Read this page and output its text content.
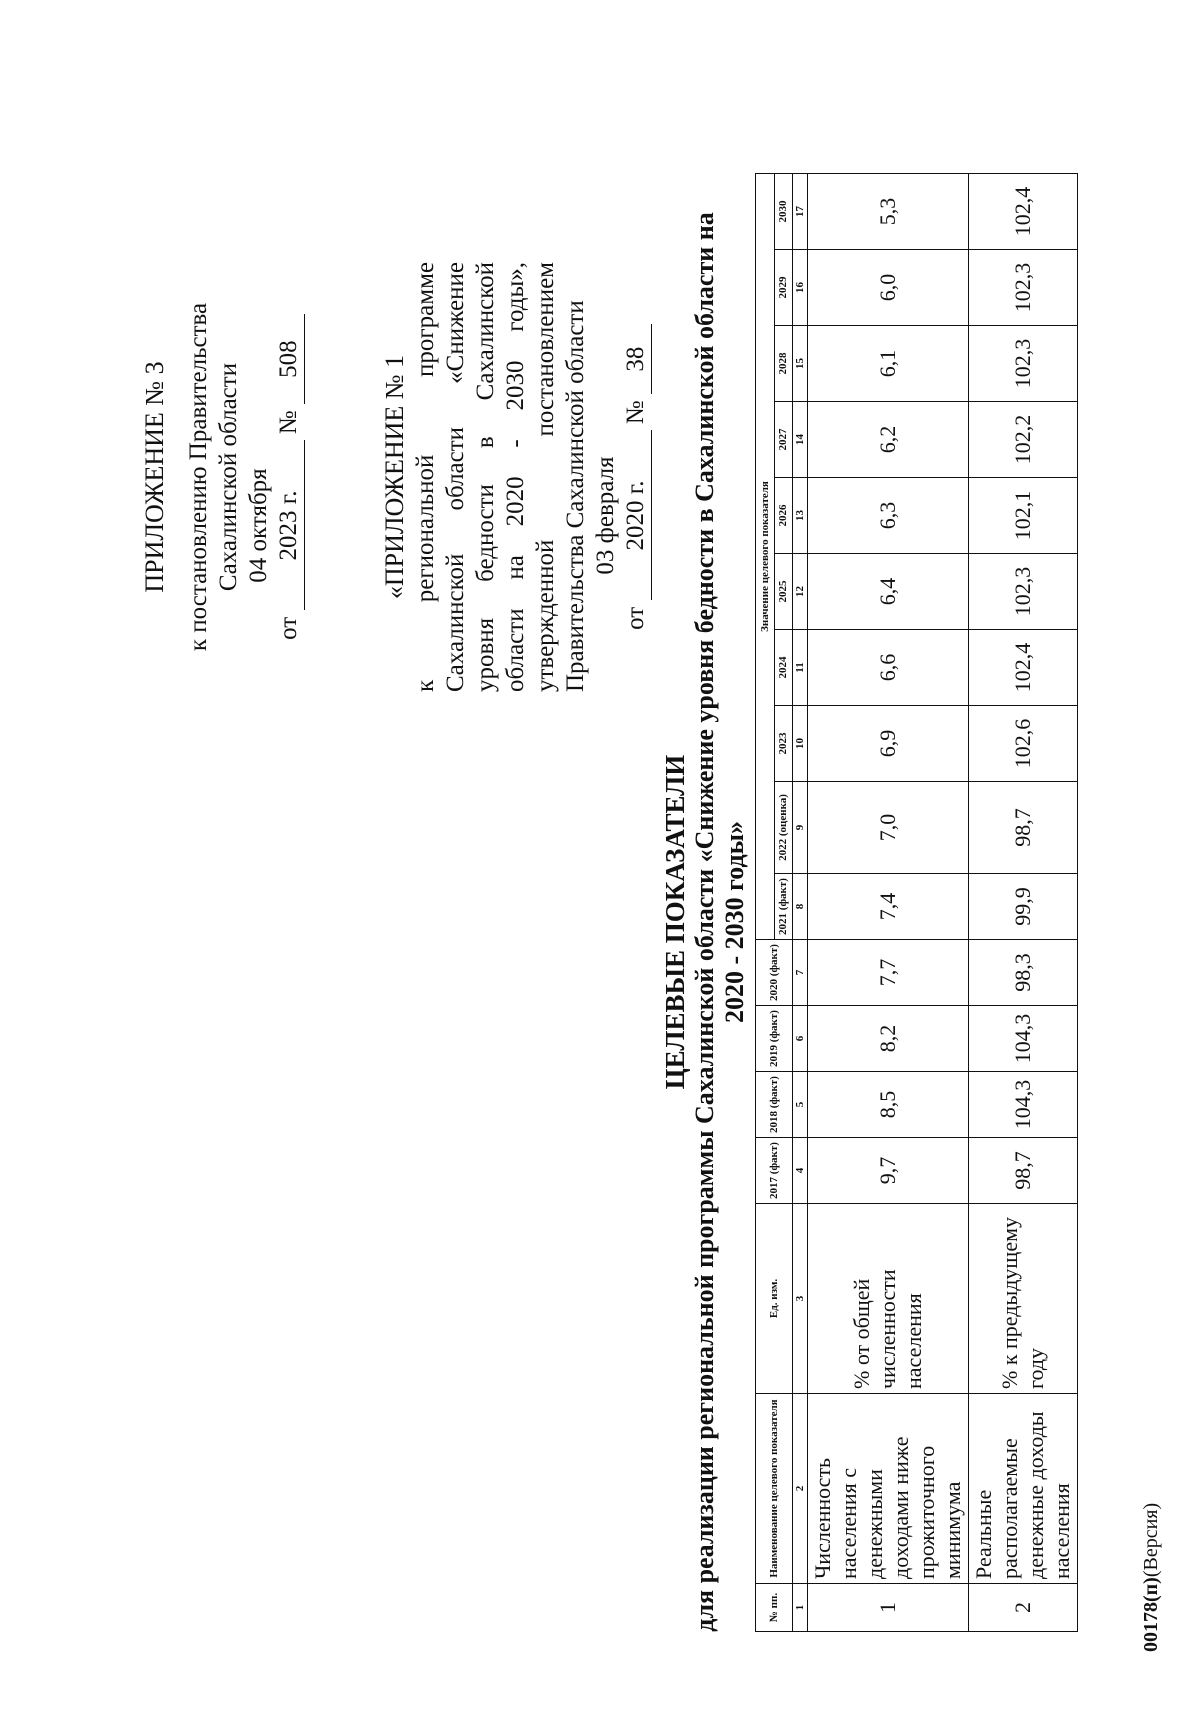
ПРИЛОЖЕНИЕ № 3 к постановлению Правительства Сахалинской области
от 04 октября 2023 г. № 508	«ПРИЛОЖЕНИЕ № 1 к региональной программе Сахалинской области «Снижение уровня бедности в Сахалинской области на 2020 - 2030 годы», утвержденной постановлением Правительства Сахалинской области от 03 февраля 2020 г. № 38
ЦЕЛЕВЫЕ ПОКАЗАТЕЛИ для реализации региональной программы Сахалинской области «Снижение уровня бедности в Сахалинской области на 2020 - 2030 годы»
№ пп.	Наименование целевого показателя	Ед. изм.	2017 (факт)	2018 (факт)	2019 (факт)	2020 (факт)	Значение целевого показателя									
							2021 (факт)	2022 (оценка)	2023	2024	2025	2026	2027	2028	2029	2030
1	2	3	4	5	6	7	8	9	10	11	12	13	14	15	16	17
1	Численность населения с денежными доходами ниже прожиточного минимума	% от общей численности населения	9,7	8,5	8,2	7,7	7,4	7,0	6,9	6,6	6,4	6,3	6,2	6,1	6,0	5,3
2	Реальные располагаемые денежные доходы населения	% к предыдущему году	98,7	104,3	104,3	98,3	99,9	98,7	102,6	102,4	102,3	102,1	102,2	102,3	102,3	102,4
00178(п)(Версия)
